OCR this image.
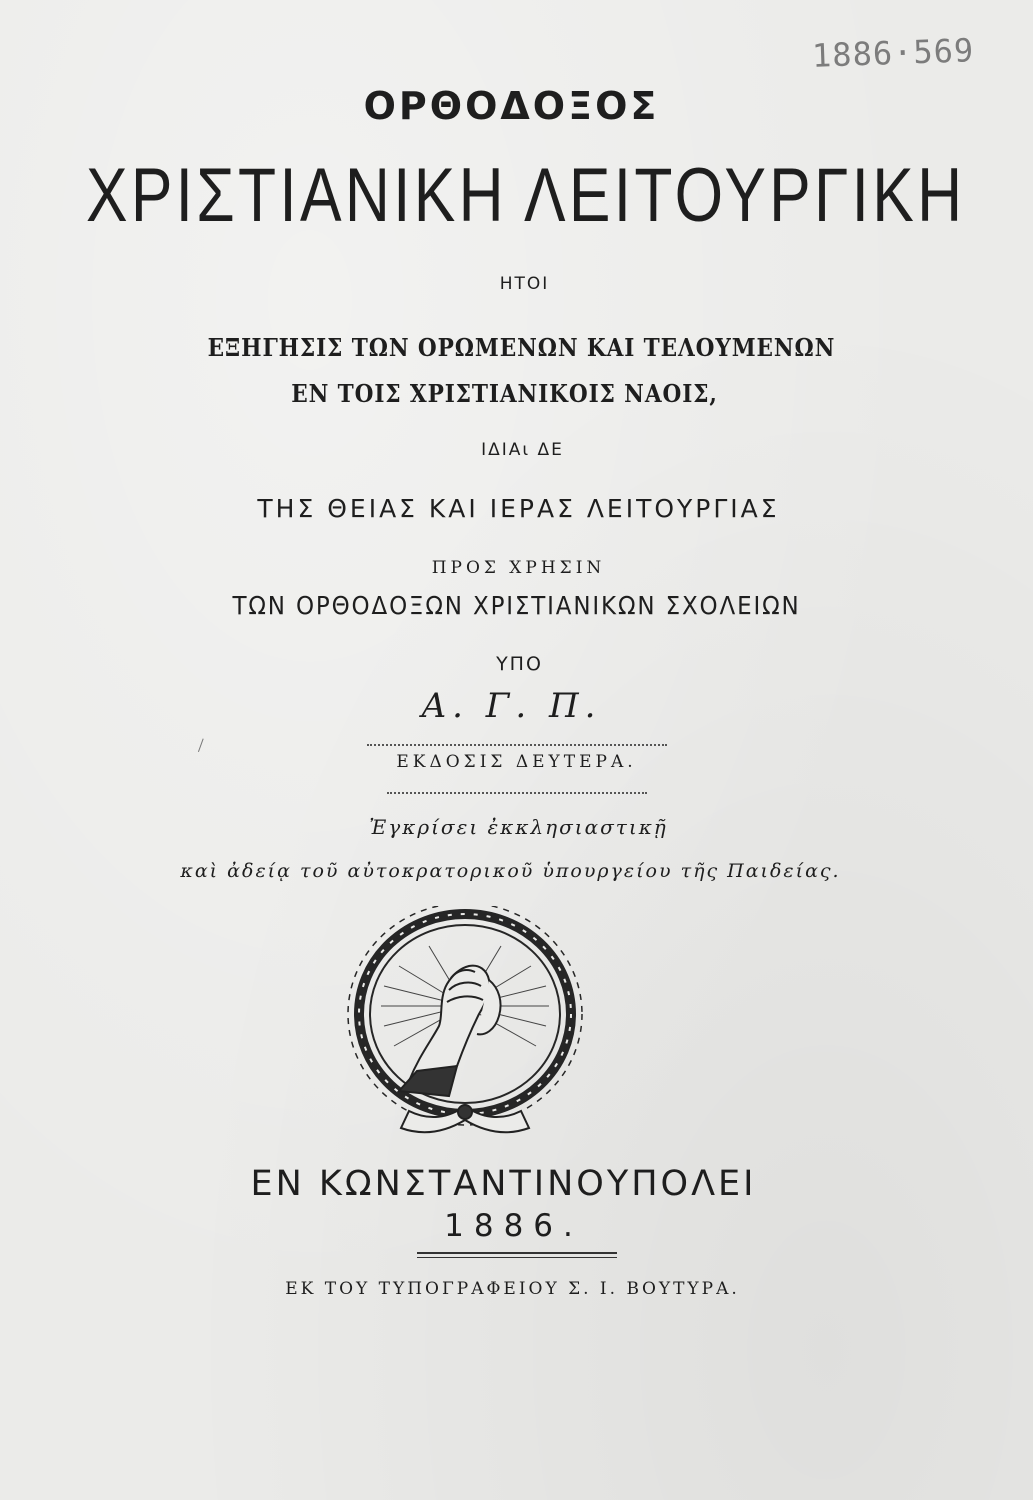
1886·569

ΟΡΘΟΔΟΞΟΣ

ΧΡΙΣΤΙΑΝΙΚΗ ΛΕΙΤΟΥΡΓΙΚΗ

ΗΤΟΙ

ΕΞΗΓΗΣΙΣ ΤΩΝ ΟΡΩΜΕΝΩΝ ΚΑΙ ΤΕΛΟΥΜΕΝΩΝ

ΕΝ ΤΟΙΣ ΧΡΙΣΤΙΑΝΙΚΟΙΣ ΝΑΟΙΣ,

ΙΔΙΑι ΔΕ

ΤΗΣ ΘΕΙΑΣ ΚΑΙ ΙΕΡΑΣ ΛΕΙΤΟΥΡΓΙΑΣ

ΠΡΟΣ ΧΡΗΣΙΝ

ΤΩΝ ΟΡΘΟΔΟΞΩΝ ΧΡΙΣΤΙΑΝΙΚΩΝ ΣΧΟΛΕΙΩΝ

ΥΠΟ

Α. Γ. Π.

ΕΚΔΟΣΙΣ ΔΕΥΤΕΡΑ.

Ἐγκρίσει ἐκκλησιαστικῇ

καὶ ἀδείᾳ τοῦ αὐτοκρατορικοῦ ὑπουργείου τῆς Παιδείας.

ΕΝ ΚΩΝΣΤΑΝΤΙΝΟΥΠΟΛΕΙ

1886.

ΕΚ ΤΟΥ ΤΥΠΟΓΡΑΦΕΙΟΥ Σ. Ι. ΒΟΥΤΥΡΑ.
